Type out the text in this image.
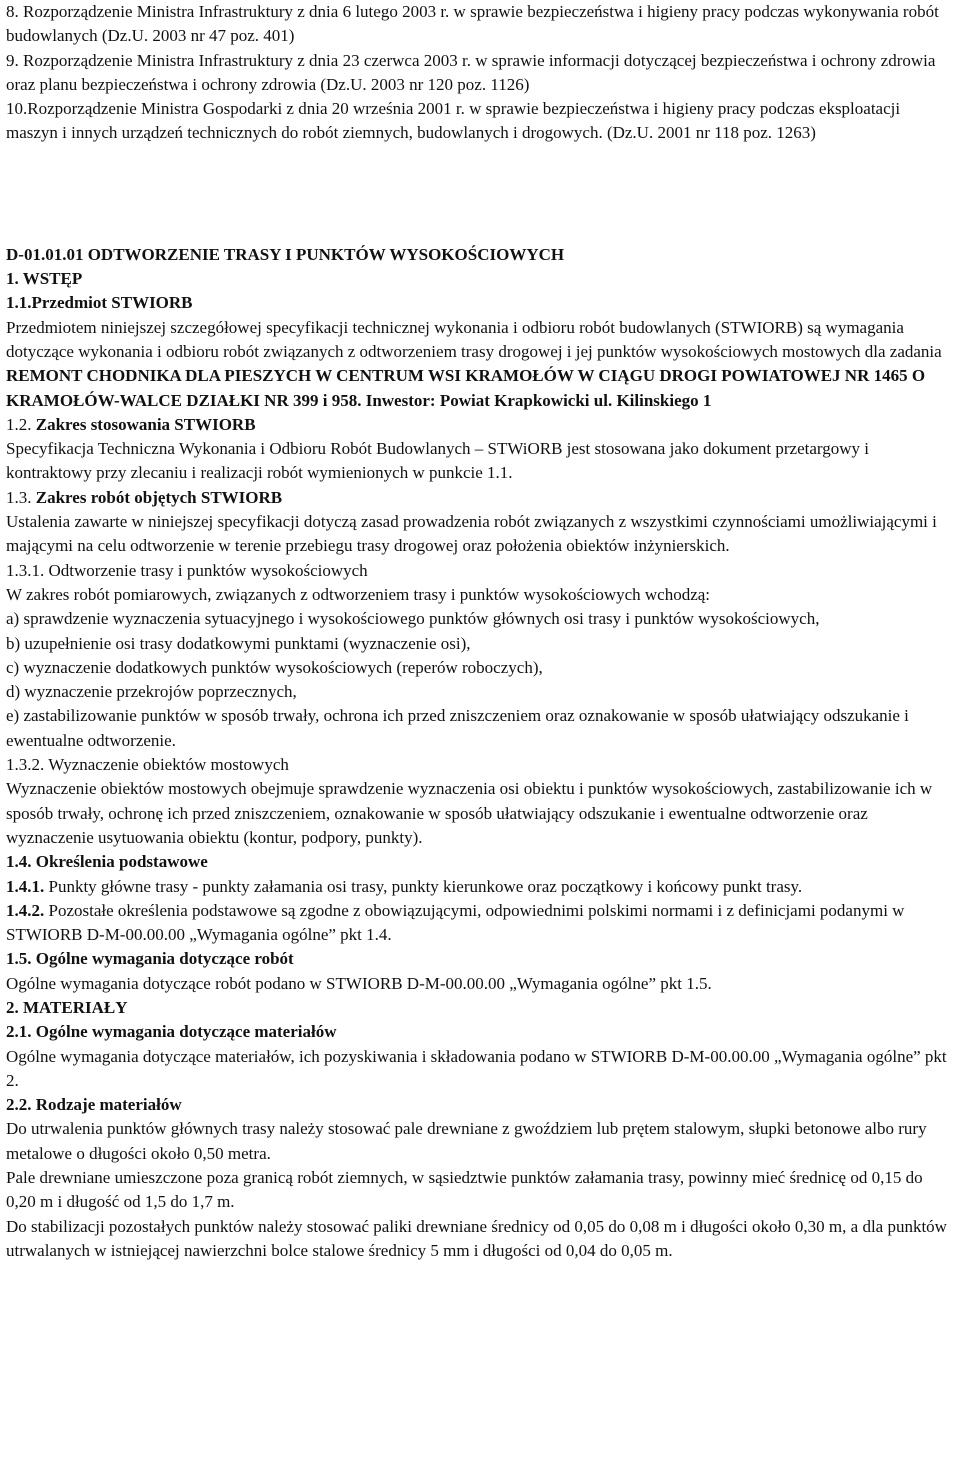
8. Rozporządzenie Ministra Infrastruktury z dnia 6 lutego 2003 r. w sprawie bezpieczeństwa i higieny pracy podczas wykonywania robót budowlanych (Dz.U. 2003 nr 47 poz. 401)

9. Rozporządzenie Ministra Infrastruktury z dnia 23 czerwca 2003 r. w sprawie informacji dotyczącej bezpieczeństwa i ochrony zdrowia oraz planu bezpieczeństwa i ochrony zdrowia (Dz.U. 2003 nr 120 poz. 1126)

10.Rozporządzenie Ministra Gospodarki z dnia 20 września 2001 r. w sprawie bezpieczeństwa i higieny pracy podczas eksploatacji maszyn i innych urządzeń technicznych do robót ziemnych, budowlanych i drogowych. (Dz.U. 2001 nr 118 poz. 1263)

D-01.01.01 ODTWORZENIE TRASY I PUNKTÓW WYSOKOŚCIOWYCH

1. WSTĘP

1.1.Przedmiot STWIORB

Przedmiotem niniejszej szczegółowej specyfikacji technicznej wykonania i odbioru robót budowlanych (STWIORB) są wymagania dotyczące wykonania i odbioru robót związanych z odtworzeniem trasy drogowej i jej punktów wysokościowych mostowych dla zadania REMONT CHODNIKA DLA PIESZYCH W CENTRUM WSI KRAMOŁÓW W CIĄGU DROGI POWIATOWEJ NR 1465 O KRAMOŁÓW-WALCE DZIAŁKI NR 399 i 958. Inwestor: Powiat Krapkowicki ul. Kilinskiego 1

1.2. Zakres stosowania STWIORB

Specyfikacja Techniczna Wykonania i Odbioru Robót Budowlanych – STWiORB jest stosowana jako dokument przetargowy i kontraktowy przy zlecaniu i realizacji robót wymienionych w punkcie 1.1.

1.3. Zakres robót objętych STWIORB

Ustalenia zawarte w niniejszej specyfikacji dotyczą zasad prowadzenia robót związanych z wszystkimi czynnościami umożliwiającymi i mającymi na celu odtworzenie w terenie przebiegu trasy drogowej oraz położenia obiektów inżynierskich.

1.3.1. Odtworzenie trasy i punktów wysokościowych

W zakres robót pomiarowych, związanych z odtworzeniem trasy i punktów wysokościowych wchodzą:

a) sprawdzenie wyznaczenia sytuacyjnego i wysokościowego punktów głównych osi trasy i punktów wysokościowych,

b) uzupełnienie osi trasy dodatkowymi punktami (wyznaczenie osi),

c) wyznaczenie dodatkowych punktów wysokościowych (reperów roboczych),

d) wyznaczenie przekrojów poprzecznych,

e) zastabilizowanie punktów w sposób trwały, ochrona ich przed zniszczeniem oraz oznakowanie w sposób ułatwiający odszukanie i ewentualne odtworzenie.

1.3.2. Wyznaczenie obiektów mostowych

Wyznaczenie obiektów mostowych obejmuje sprawdzenie wyznaczenia osi obiektu i punktów wysokościowych, zastabilizowanie ich w sposób trwały, ochronę ich przed zniszczeniem, oznakowanie w sposób ułatwiający odszukanie i ewentualne odtworzenie oraz wyznaczenie usytuowania obiektu (kontur, podpory, punkty).

1.4. Określenia podstawowe

1.4.1. Punkty główne trasy - punkty załamania osi trasy, punkty kierunkowe oraz początkowy i końcowy punkt trasy.

1.4.2. Pozostałe określenia podstawowe są zgodne z obowiązującymi, odpowiednimi polskimi normami i z definicjami podanymi w STWIORB D-M-00.00.00 „Wymagania ogólne” pkt 1.4.

1.5. Ogólne wymagania dotyczące robót

Ogólne wymagania dotyczące robót podano w STWIORB D-M-00.00.00 „Wymagania ogólne” pkt 1.5.

2. MATERIAŁY

2.1. Ogólne wymagania dotyczące materiałów

Ogólne wymagania dotyczące materiałów, ich pozyskiwania i składowania podano w STWIORB D-M-00.00.00 „Wymagania ogólne” pkt 2.

2.2. Rodzaje materiałów

Do utrwalenia punktów głównych trasy należy stosować pale drewniane z gwoździem lub prętem stalowym, słupki betonowe albo rury metalowe o długości około 0,50 metra.

Pale drewniane umieszczone poza granicą robót ziemnych, w sąsiedztwie punktów załamania trasy, powinny mieć średnicę od 0,15 do 0,20 m i długość od 1,5 do 1,7 m.

Do stabilizacji pozostałych punktów należy stosować paliki drewniane średnicy od 0,05 do 0,08 m i długości około 0,30 m, a dla punktów utrwalanych w istniejącej nawierzchni bolce stalowe średnicy 5 mm i długości od 0,04 do 0,05 m.
